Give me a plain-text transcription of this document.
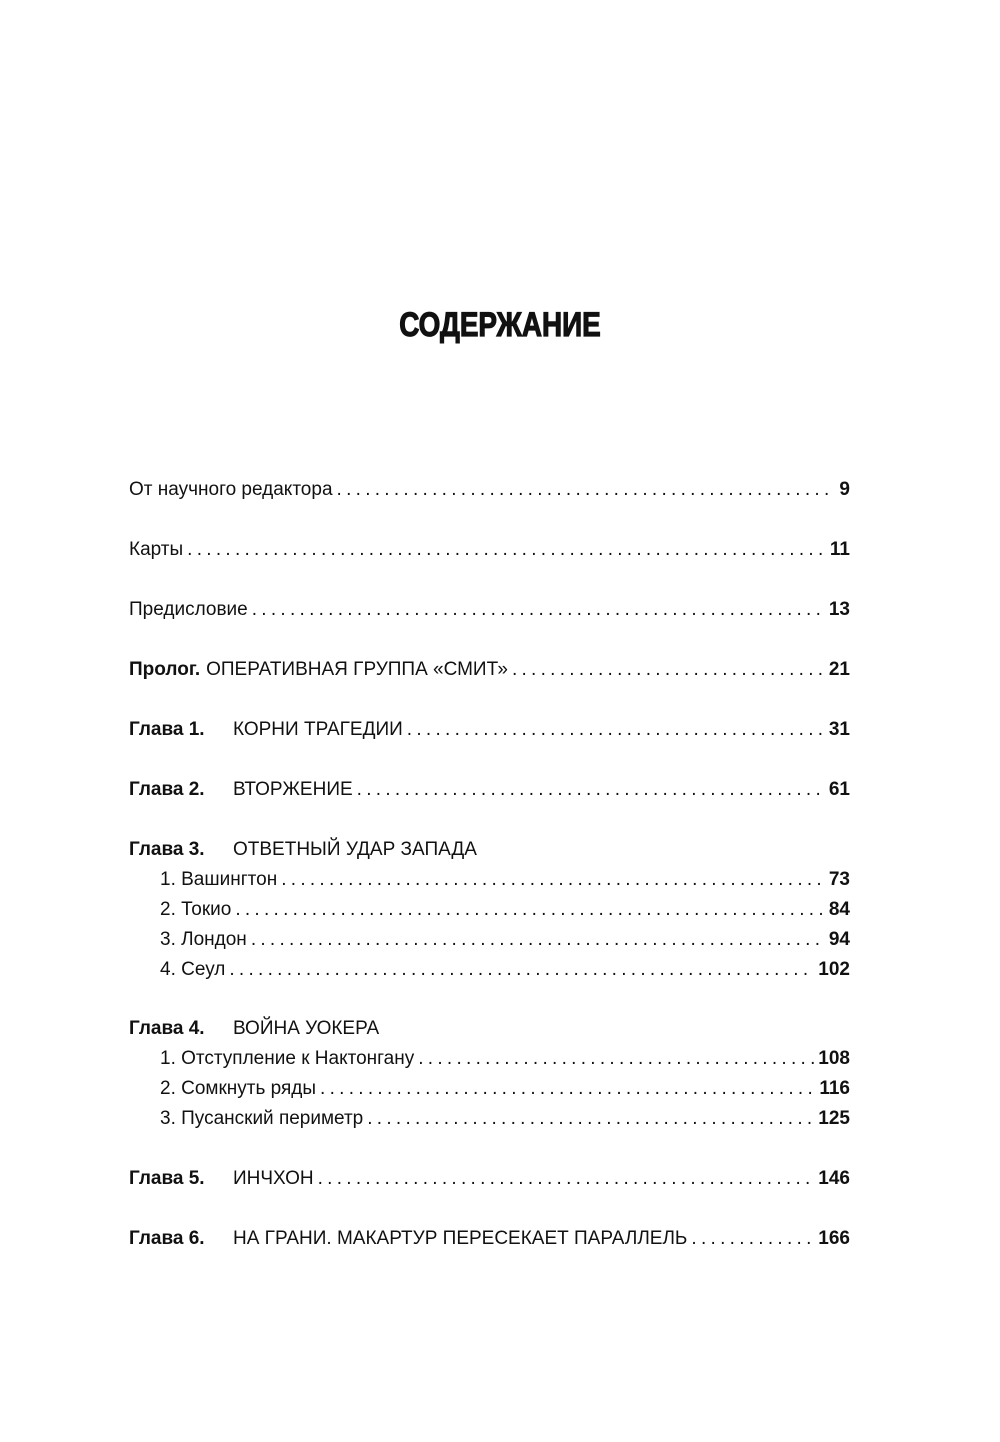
СОДЕРЖАНИЕ
От научного редактора . . .	9
Карты . . .	11
Предисловие . . .	13
Пролог. ОПЕРАТИВНАЯ ГРУППА «СМИТ» . . .	21
Глава 1.	КОРНИ ТРАГЕДИИ . . .	31
Глава 2.	ВТОРЖЕНИЕ . . .	61
Глава 3.	ОТВЕТНЫЙ УДАР ЗАПАДА
1. Вашингтон . . .	73
2. Токио . . .	84
3. Лондон . . .	94
4. Сеул . . .	102
Глава 4.	ВОЙНА УОКЕРА
1. Отступление к Нактонгану . . .	108
2. Сомкнуть ряды . . .	116
3. Пусанский периметр . . .	125
Глава 5.	ИНЧХОН . . .	146
Глава 6.	НА ГРАНИ. МАКАРТУР ПЕРЕСЕКАЕТ ПАРАЛЛЕЛЬ . . .	166
